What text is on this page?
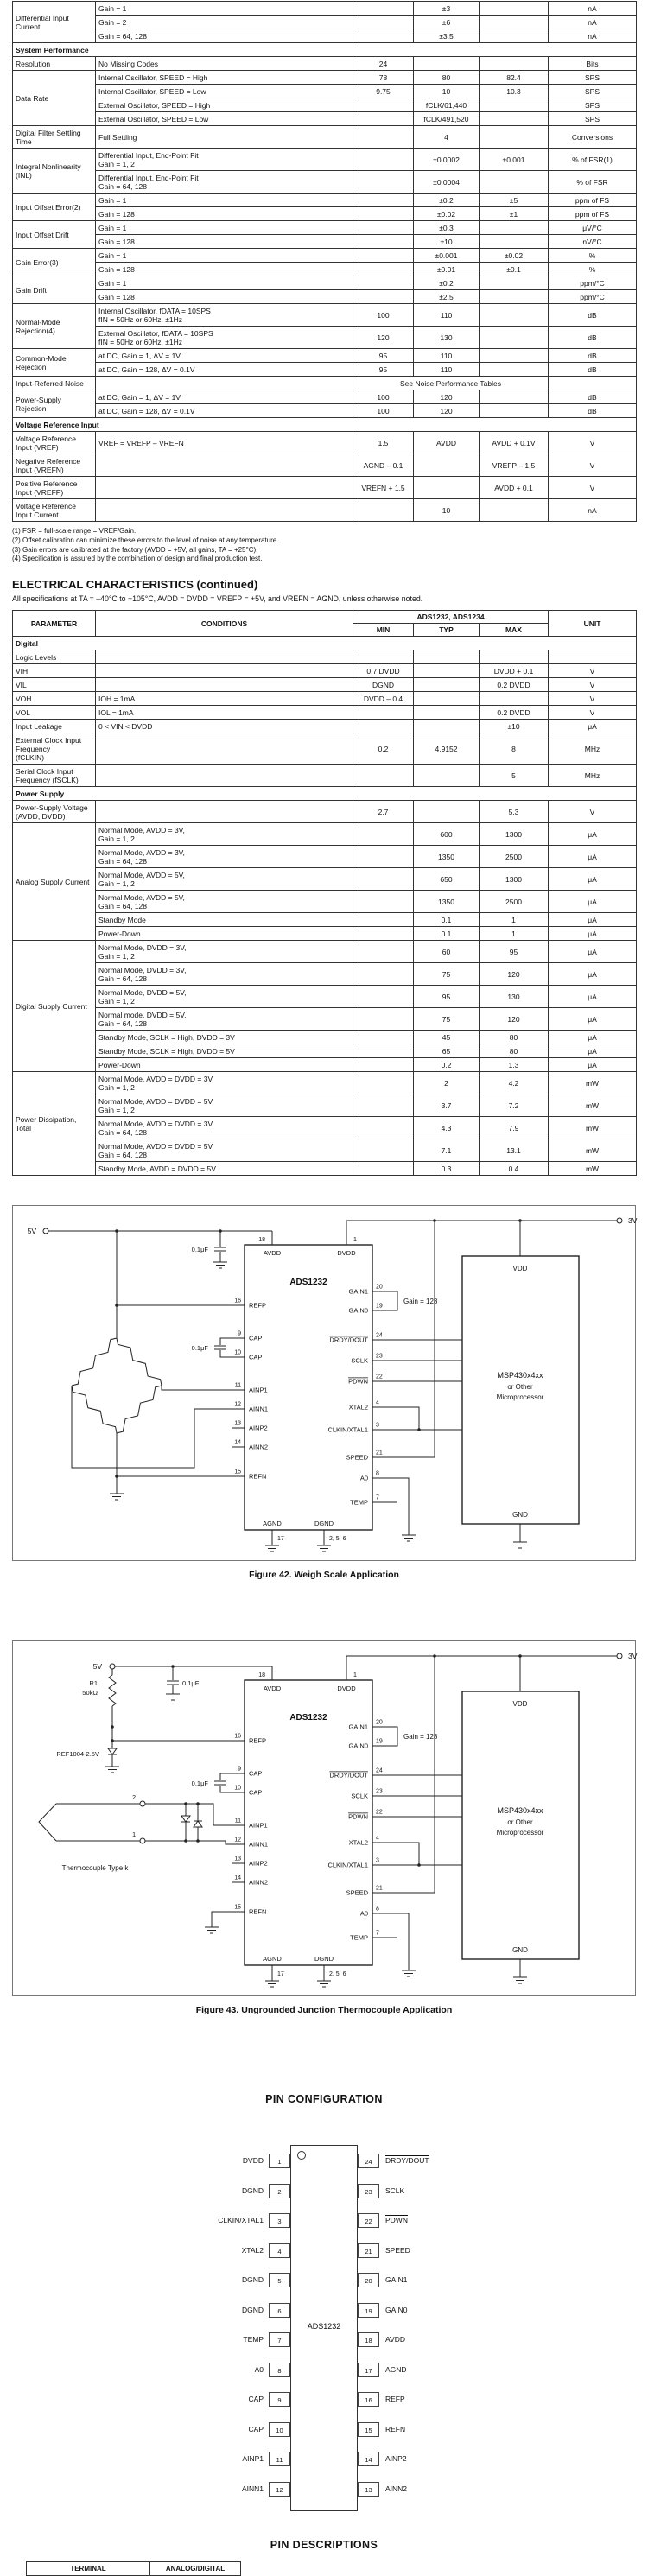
Differential Input Current	Gain = 1		±3		nA
	Gain = 2		±6		nA
	Gain = 64, 128		±3.5		nA
System Performance					
Resolution	No Missing Codes	24			Bits
Data Rate	Internal Oscillator, SPEED = High	78	80	82.4	SPS
	Internal Oscillator, SPEED = Low	9.75	10	10.3	SPS
	External Oscillator, SPEED = High		fCLK/61,440		SPS
	External Oscillator, SPEED = Low		fCLK/491,520		SPS
Digital Filter Settling Time	Full Settling		4		Conversions
Integral Nonlinearity (INL)	Differential Input, End-Point Fit
Gain = 1, 2		±0.0002	±0.001	% of FSR(1)
	Differential Input, End-Point Fit
Gain = 64, 128		±0.0004		% of FSR
Input Offset Error(2)	Gain = 1		±0.2	±5	ppm of FS
	Gain = 128		±0.02	±1	ppm of FS
Input Offset Drift	Gain = 1		±0.3		μV/°C
	Gain = 128		±10		nV/°C
Gain Error(3)	Gain = 1		±0.001	±0.02	%
	Gain = 128		±0.01	±0.1	%
Gain Drift	Gain = 1		±0.2		ppm/°C
	Gain = 128		±2.5		ppm/°C
Normal-Mode Rejection(4)	Internal Oscillator, fDATA = 10SPS
fIN = 50Hz or 60Hz, ±1Hz	100	110		dB
	External Oscillator, fDATA = 10SPS
fIN = 50Hz or 60Hz, ±1Hz	120	130		dB
Common-Mode Rejection	at DC, Gain = 1, ΔV = 1V	95	110		dB
	at DC, Gain = 128, ΔV = 0.1V	95	110		dB
Input-Referred Noise		See Noise Performance Tables			
Power-Supply Rejection	at DC, Gain = 1, ΔV = 1V	100	120		dB
	at DC, Gain = 128, ΔV = 0.1V	100	120		dB
Voltage Reference Input					
Voltage Reference Input (VREF)	VREF = VREFP – VREFN	1.5	AVDD	AVDD + 0.1V	V
Negative Reference Input (VREFN)		AGND – 0.1		VREFP – 1.5	V
Positive Reference Input (VREFP)		VREFN + 1.5		AVDD + 0.1	V
Voltage Reference
Input Current			10		nA
(1) FSR = full-scale range = VREF/Gain.
(2) Offset calibration can minimize these errors to the level of noise at any temperature.
(3) Gain errors are calibrated at the factory (AVDD = +5V, all gains, TA = +25°C).
(4) Specification is assured by the combination of design and final production test.
ELECTRICAL CHARACTERISTICS (continued)
All specifications at TA = –40°C to +105°C, AVDD = DVDD = VREFP = +5V, and VREFN = AGND, unless otherwise noted.
PARAMETER	CONDITIONS	ADS1232, ADS1234			UNIT
		MIN	TYP	MAX	
Digital					
Logic Levels					
VIH		0.7 DVDD		DVDD + 0.1	V
VIL		DGND		0.2 DVDD	V
VOH	IOH = 1mA	DVDD – 0.4			V
VOL	IOL = 1mA			0.2 DVDD	V
Input Leakage	0 < VIN < DVDD			±10	μA
External Clock Input Frequency
(fCLKIN)		0.2	4.9152	8	MHz
Serial Clock Input Frequency (fSCLK)				5	MHz
Power Supply					
Power-Supply Voltage
(AVDD, DVDD)		2.7		5.3	V
Analog Supply Current	Normal Mode, AVDD = 3V,
Gain = 1, 2		600	1300	μA
	Normal Mode, AVDD = 3V,
Gain = 64, 128		1350	2500	μA
	Normal Mode, AVDD = 5V,
Gain = 1, 2		650	1300	μA
	Normal Mode, AVDD = 5V,
Gain = 64, 128		1350	2500	μA
	Standby Mode		0.1	1	μA
	Power-Down		0.1	1	μA
Digital Supply Current	Normal Mode, DVDD = 3V,
Gain = 1, 2		60	95	μA
	Normal Mode, DVDD = 3V,
Gain = 64, 128		75	120	μA
	Normal Mode, DVDD = 5V,
Gain = 1, 2		95	130	μA
	Normal mode, DVDD = 5V,
Gain = 64, 128		75	120	μA
	Standby Mode, SCLK = High, DVDD = 3V		45	80	μA
	Standby Mode, SCLK = High, DVDD = 5V		65	80	μA
	Power-Down		0.2	1.3	μA
Power Dissipation, Total	Normal Mode, AVDD = DVDD = 3V,
Gain = 1, 2		2	4.2	mW
	Normal Mode, AVDD = DVDD = 5V,
Gain = 1, 2		3.7	7.2	mW
	Normal Mode, AVDD = DVDD = 3V,
Gain = 64, 128		4.3	7.9	mW
	Normal Mode, AVDD = DVDD = 5V,
Gain = 64, 128		7.1	13.1	mW
	Standby Mode, AVDD = DVDD = 5V		0.3	0.4	mW
ADS1232
AVDD
18
DVDD
1
REFP
16
CAP
9
CAP
10
AINP1
11
AINN1
12
AINP2
13
AINN2
14
REFN
15
AGND
17
DGND
2, 5, 6
0.1μF
GAIN1
20
GAIN0
19
DRDY/DOUT
24
SCLK
23
PDWN
22
XTAL2
4
CLKIN/XTAL1
3
SPEED
21
A0
8
TEMP
7
Gain = 128
VDD
MSP430x4xx
or Other
Microprocessor
GND
3V
5V
0.1μF
Figure 42. Weigh Scale Application
ADS1232
AVDD
18
DVDD
1
REFP
16
CAP
9
CAP
10
AINP1
11
AINN1
12
AINP2
13
AINN2
14
REFN
15
AGND
17
DGND
2, 5, 6
0.1μF
GAIN1
20
GAIN0
19
DRDY/DOUT
24
SCLK
23
PDWN
22
XTAL2
4
CLKIN/XTAL1
3
SPEED
21
A0
8
TEMP
7
Gain = 128
VDD
MSP430x4xx
or Other
Microprocessor
GND
3V
5V
R1
50kΩ
0.1μF
REF1004-2.5V
2
1
Thermocouple Type k
Figure 43. Ungrounded Junction Thermocouple Application
PIN CONFIGURATION
ADS1232
DVDD	1
DGND	2
CLKIN/XTAL1	3
XTAL2	4
DGND	5
DGND	6
TEMP	7
A0	8
CAP	9
CAP	10
AINP1	11
AINN1	12
24	DRDY/DOUT
23	SCLK
22	PDWN
21	SPEED
20	GAIN1
19	GAIN0
18	AVDD
17	AGND
16	REFP
15	REFN
14	AINP2
13	AINN2
PIN DESCRIPTIONS
TERMINAL	ANALOG/DIGITAL
